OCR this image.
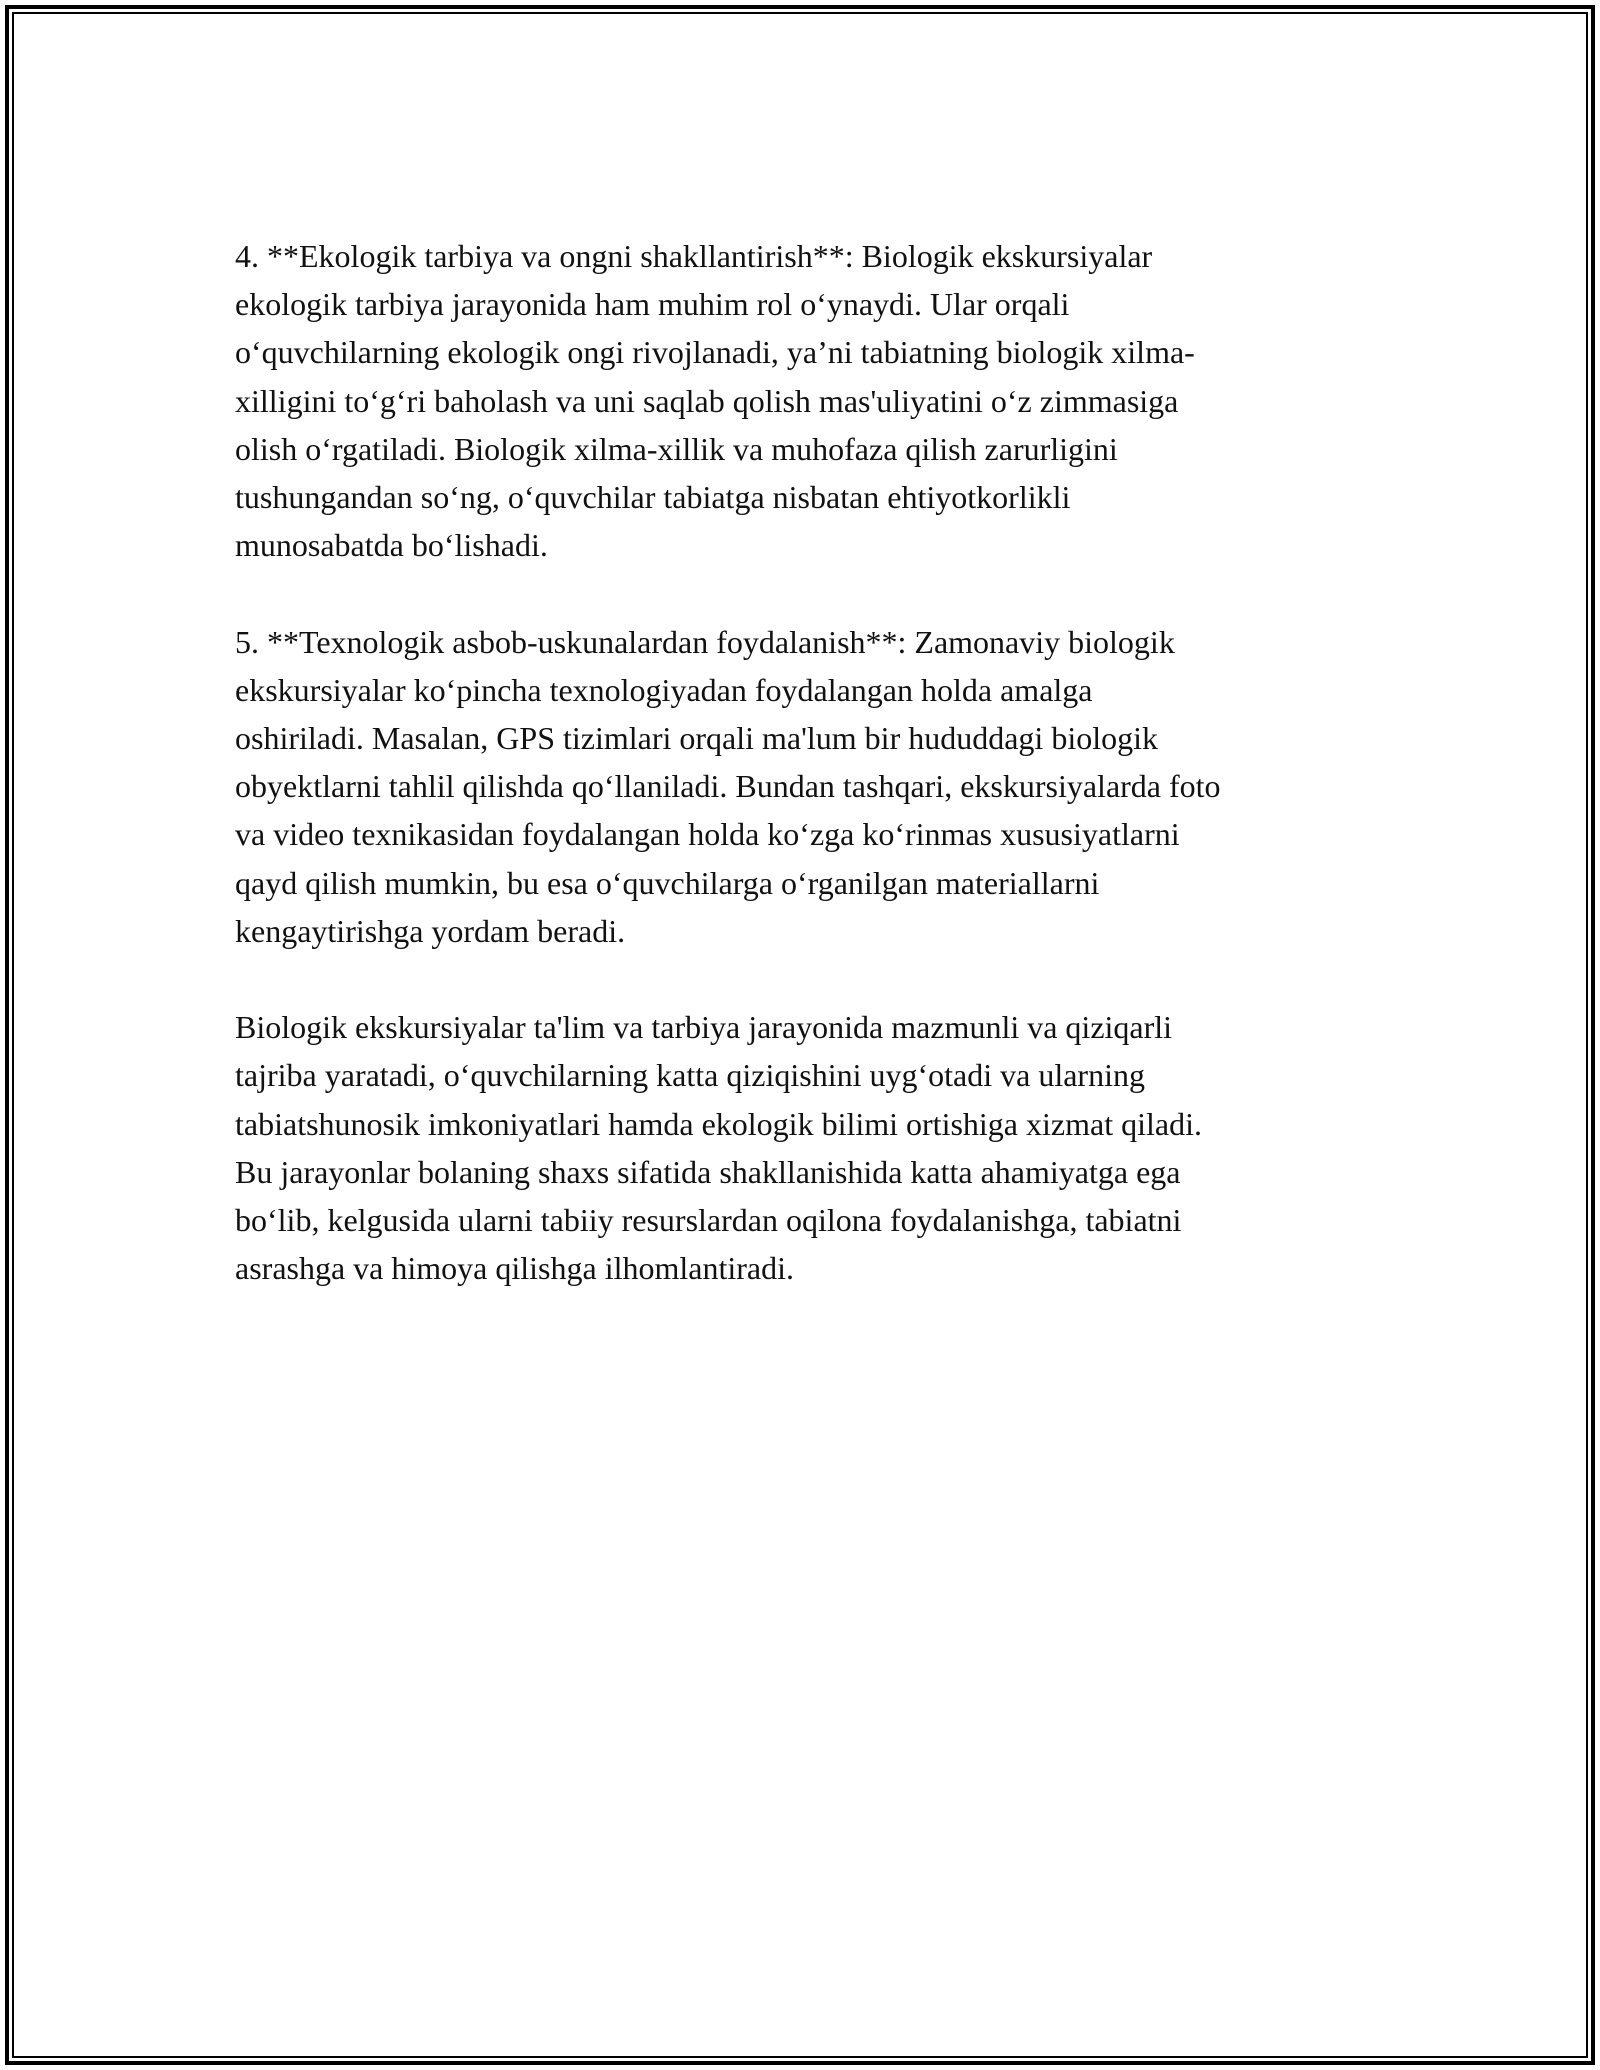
4. **Ekologik tarbiya va ongni shakllantirish**: Biologik ekskursiyalar
ekologik tarbiya jarayonida ham muhim rol o‘ynaydi. Ular orqali
o‘quvchilarning ekologik ongi rivojlanadi, ya’ni tabiatning biologik xilma-
xilligini to‘g‘ri baholash va uni saqlab qolish mas'uliyatini o‘z zimmasiga
olish o‘rgatiladi. Biologik xilma-xillik va muhofaza qilish zarurligini
tushungandan so‘ng, o‘quvchilar tabiatga nisbatan ehtiyotkorlikli
munosabatda bo‘lishadi.

5. **Texnologik asbob-uskunalardan foydalanish**: Zamonaviy biologik
ekskursiyalar ko‘pincha texnologiyadan foydalangan holda amalga
oshiriladi. Masalan, GPS tizimlari orqali ma'lum bir hududdagi biologik
obyektlarni tahlil qilishda qo‘llaniladi. Bundan tashqari, ekskursiyalarda foto
va video texnikasidan foydalangan holda ko‘zga ko‘rinmas xususiyatlarni
qayd qilish mumkin, bu esa o‘quvchilarga o‘rganilgan materiallarni
kengaytirishga yordam beradi.

Biologik ekskursiyalar ta'lim va tarbiya jarayonida mazmunli va qiziqarli
tajriba yaratadi, o‘quvchilarning katta qiziqishini uyg‘otadi va ularning
tabiatshunosik imkoniyatlari hamda ekologik bilimi ortishiga xizmat qiladi.
Bu jarayonlar bolaning shaxs sifatida shakllanishida katta ahamiyatga ega
bo‘lib, kelgusida ularni tabiiy resurslardan oqilona foydalanishga, tabiatni
asrashga va himoya qilishga ilhomlantiradi.
